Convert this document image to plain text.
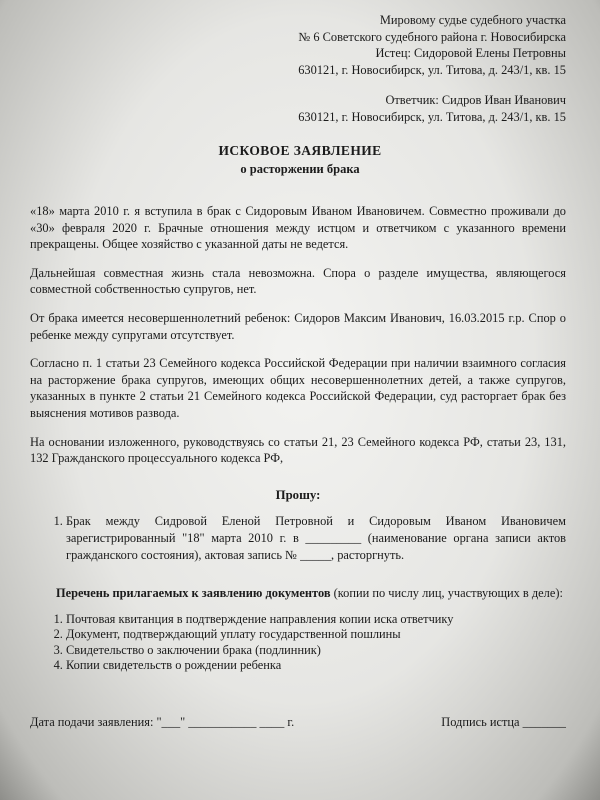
Мировому судье судебного участка
№ 6 Советского судебного района г. Новосибирска
Истец: Сидоровой Елены Петровны
630121, г. Новосибирск, ул. Титова, д. 243/1, кв. 15
Ответчик: Сидров Иван Иванович
630121, г. Новосибирск, ул. Титова, д. 243/1, кв. 15
ИСКОВОЕ ЗАЯВЛЕНИЕ
о расторжении брака

«18» марта 2010 г. я вступила в брак с Сидоровым Иваном Ивановичем. Совместно проживали до «30» февраля 2020 г. Брачные отношения между истцом и ответчиком с указанного времени прекращены. Общее хозяйство с указанной даты не ведется.

Дальнейшая совместная жизнь стала невозможна. Спора о разделе имущества, являющегося совместной собственностью супругов, нет.

От брака имеется несовершеннолетний ребенок: Сидоров Максим Иванович, 16.03.2015 г.р. Спор о ребенке между супругами отсутствует.

Согласно п. 1 статьи 23 Семейного кодекса Российской Федерации при наличии взаимного согласия на расторжение брака супругов, имеющих общих несовершеннолетних детей, а также супругов, указанных в пункте 2 статьи 21 Семейного кодекса Российской Федерации, суд расторгает брак без выяснения мотивов развода.

На основании изложенного, руководствуясь со статьи 21, 23 Семейного кодекса РФ, статьи 23, 131, 132 Гражданского процессуального кодекса РФ,

Прошу:
1. Брак между Сидровой Еленой Петровной и Сидоровым Иваном Ивановичем зарегистрированный "18" марта 2010 г. в _________ (наименование органа записи актов гражданского состояния), актовая запись № _____, расторгнуть.

Перечень прилагаемых к заявлению документов (копии по числу лиц, участвующих в деле):

1. Почтовая квитанция в подтверждение направления копии иска ответчику
2. Документ, подтверждающий уплату государственной пошлины
3. Свидетельство о заключении брака (подлинник)
4. Копии свидетельств о рождении ребенка
Дата подачи заявления: "___" ___________ ____ г.	Подпись истца _______
